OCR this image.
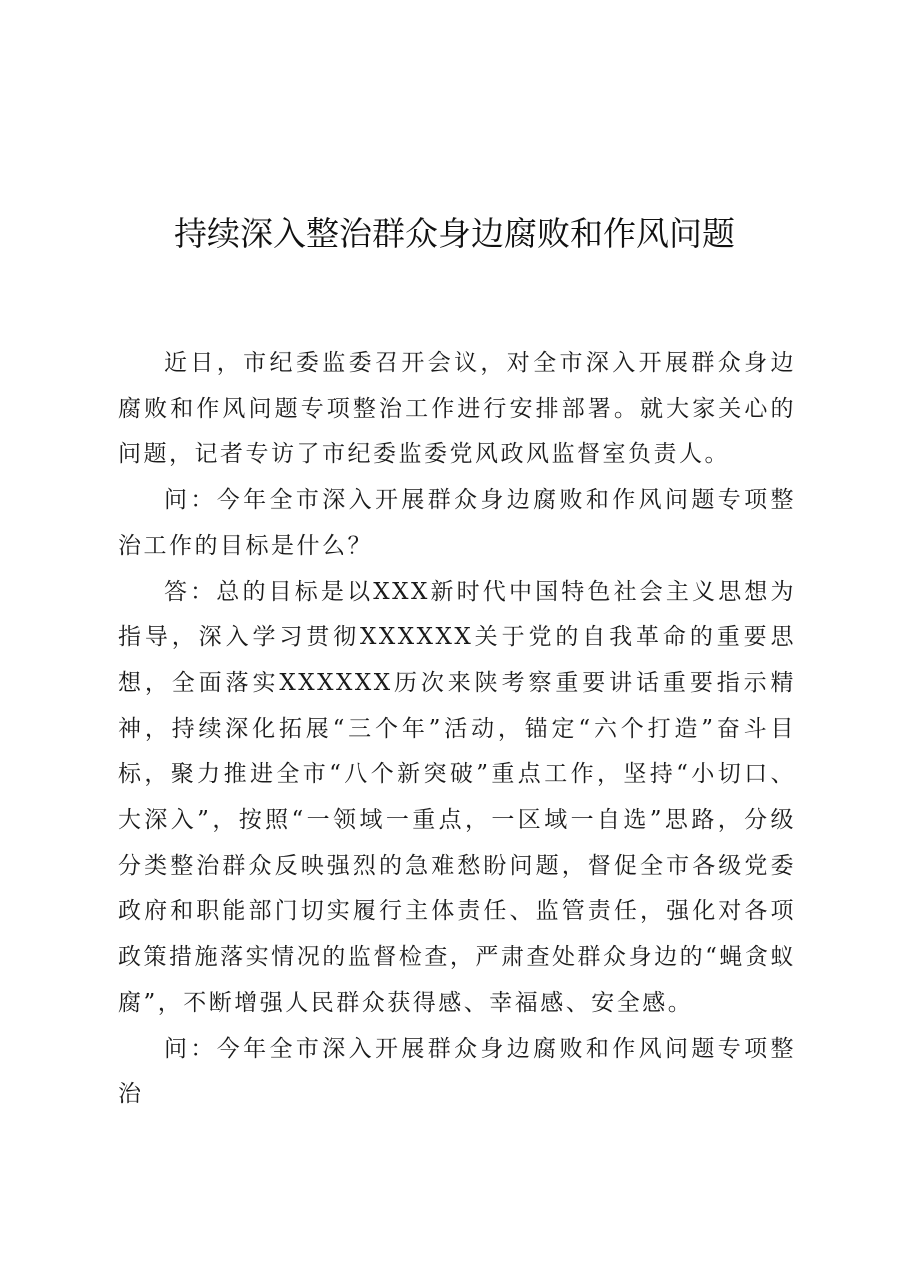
持续深入整治群众身边腐败和作风问题

近日，市纪委监委召开会议，对全市深入开展群众身边腐败和作风问题专项整治工作进行安排部署。就大家关心的问题，记者专访了市纪委监委党风政风监督室负责人。

问：今年全市深入开展群众身边腐败和作风问题专项整治工作的目标是什么？

答：总的目标是以XXX新时代中国特色社会主义思想为指导，深入学习贯彻XXXXXX关于党的自我革命的重要思想，全面落实XXXXXX历次来陕考察重要讲话重要指示精神，持续深化拓展“三个年”活动，锚定“六个打造”奋斗目标，聚力推进全市“八个新突破”重点工作，坚持“小切口、大深入”，按照“一领域一重点，一区域一自选”思路，分级分类整治群众反映强烈的急难愁盼问题，督促全市各级党委政府和职能部门切实履行主体责任、监管责任，强化对各项政策措施落实情况的监督检查，严肃查处群众身边的“蝇贪蚁腐”，不断增强人民群众获得感、幸福感、安全感。

问：今年全市深入开展群众身边腐败和作风问题专项整治
